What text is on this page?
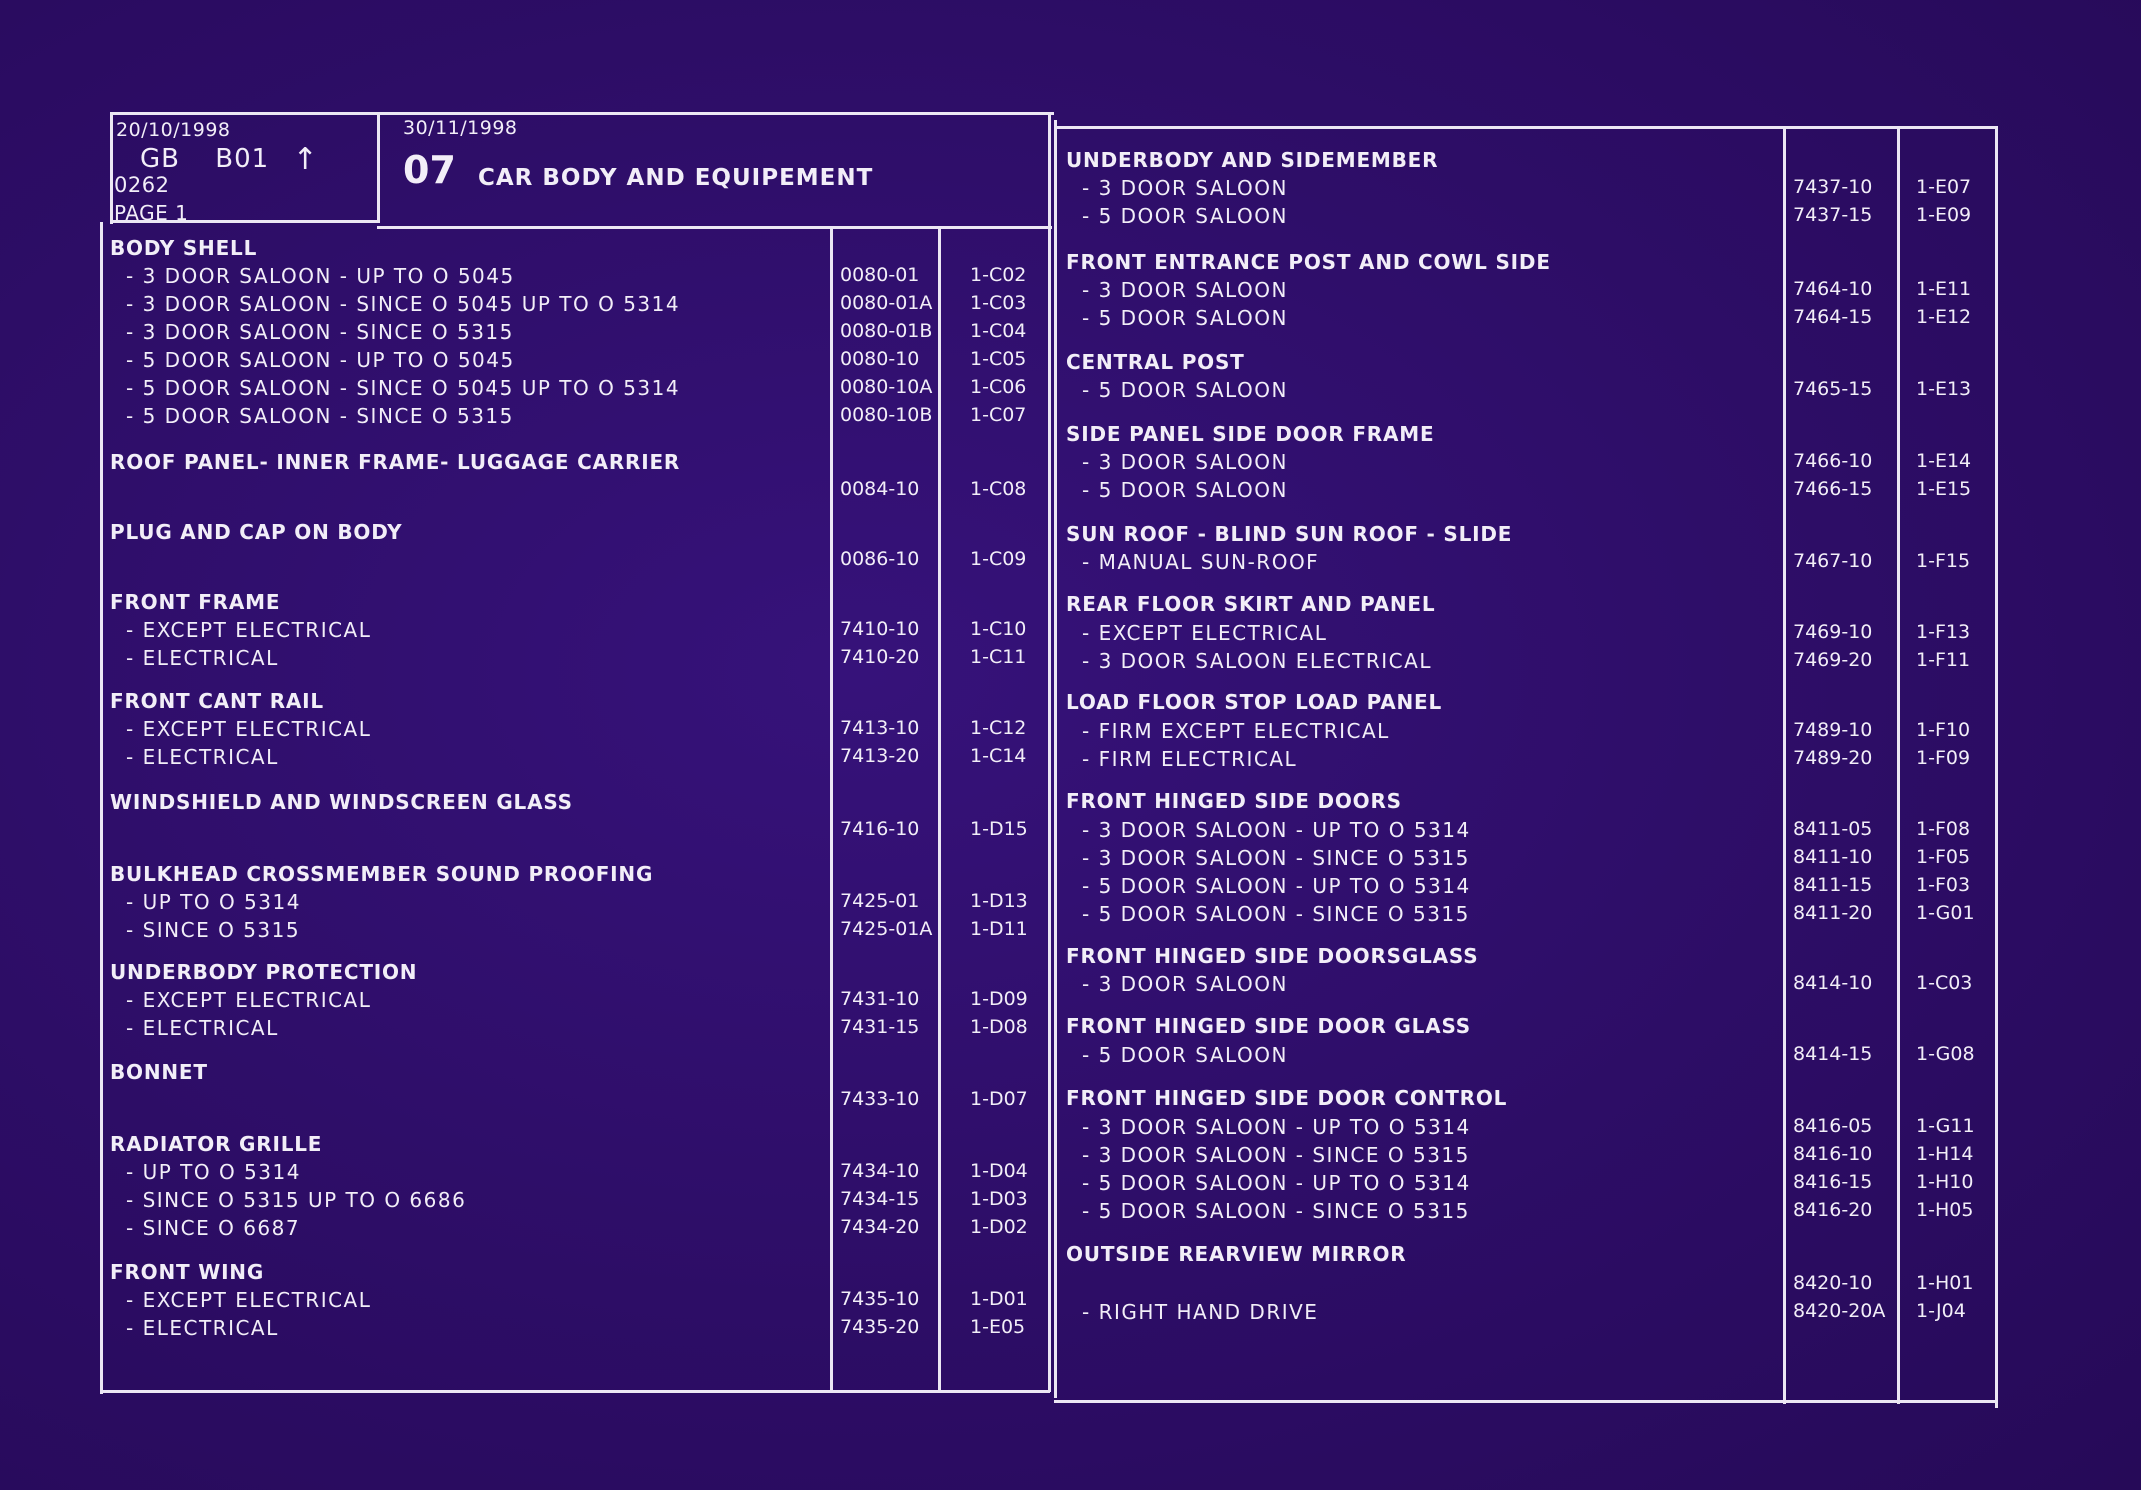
20/10/1998
GB B01 ↑
0262
PAGE 1
30/11/1998
07 CAR BODY AND EQUIPEMENT
BODY SHELL
- 3 DOOR SALOON - UP TO O 5045	0080-01	1-C02
- 3 DOOR SALOON - SINCE O 5045 UP TO O 5314	0080-01A 1-C03
- 3 DOOR SALOON - SINCE O 5315	0080-01B 1-C04
- 5 DOOR SALOON - UP TO O 5045	0080-10	1-C05
- 5 DOOR SALOON - SINCE O 5045 UP TO O 5314	0080-10A 1-C06
- 5 DOOR SALOON - SINCE O 5315	0080-10B 1-C07
ROOF PANEL- INNER FRAME- LUGGAGE CARRIER
0084-10	1-C08
PLUG AND CAP ON BODY
0086-10	1-C09
FRONT FRAME
- EXCEPT ELECTRICAL	7410-10	1-C10
- ELECTRICAL	7410-20	1-C11
FRONT CANT RAIL
- EXCEPT ELECTRICAL	7413-10	1-C12
- ELECTRICAL	7413-20	1-C14
WINDSHIELD AND WINDSCREEN GLASS
7416-10	1-D15
BULKHEAD CROSSMEMBER SOUND PROOFING
- UP TO O 5314	7425-01	1-D13
- SINCE O 5315	7425-01A 1-D11
UNDERBODY PROTECTION
- EXCEPT ELECTRICAL	7431-10	1-D09
- ELECTRICAL	7431-15	1-D08
BONNET
7433-10	1-D07
RADIATOR GRILLE
- UP TO O 5314	7434-10	1-D04
- SINCE O 5315 UP TO O 6686	7434-15	1-D03
- SINCE O 6687	7434-20	1-D02
FRONT WING
- EXCEPT ELECTRICAL	7435-10	1-D01
- ELECTRICAL	7435-20	1-E05
UNDERBODY AND SIDEMEMBER
- 3 DOOR SALOON	7437-10 1-E07
- 5 DOOR SALOON	7437-15 1-E09
FRONT ENTRANCE POST AND COWL SIDE
- 3 DOOR SALOON	7464-10 1-E11
- 5 DOOR SALOON	7464-15 1-E12
CENTRAL POST
- 5 DOOR SALOON	7465-15 1-E13
SIDE PANEL SIDE DOOR FRAME
- 3 DOOR SALOON	7466-10 1-E14
- 5 DOOR SALOON	7466-15 1-E15
SUN ROOF - BLIND SUN ROOF - SLIDE
- MANUAL SUN-ROOF	7467-10 1-F15
REAR FLOOR SKIRT AND PANEL
- EXCEPT ELECTRICAL	7469-10 1-F13
- 3 DOOR SALOON ELECTRICAL	7469-20 1-F11
LOAD FLOOR STOP LOAD PANEL
- FIRM EXCEPT ELECTRICAL	7489-10 1-F10
- FIRM ELECTRICAL	7489-20 1-F09
FRONT HINGED SIDE DOORS
- 3 DOOR SALOON - UP TO O 5314	8411-05 1-F08
- 3 DOOR SALOON - SINCE O 5315	8411-10 1-F05
- 5 DOOR SALOON - UP TO O 5314	8411-15 1-F03
- 5 DOOR SALOON - SINCE O 5315	8411-20 1-G01
FRONT HINGED SIDE DOORSGLASS
- 3 DOOR SALOON	8414-10 1-C03
FRONT HINGED SIDE DOOR GLASS
- 5 DOOR SALOON	8414-15 1-G08
FRONT HINGED SIDE DOOR CONTROL
- 3 DOOR SALOON - UP TO O 5314	8416-05 1-G11
- 3 DOOR SALOON - SINCE O 5315	8416-10 1-H14
- 5 DOOR SALOON - UP TO O 5314	8416-15 1-H10
- 5 DOOR SALOON - SINCE O 5315	8416-20 1-H05
OUTSIDE REARVIEW MIRROR
8420-10 1-H01
- RIGHT HAND DRIVE	8420-20A 1-J04
